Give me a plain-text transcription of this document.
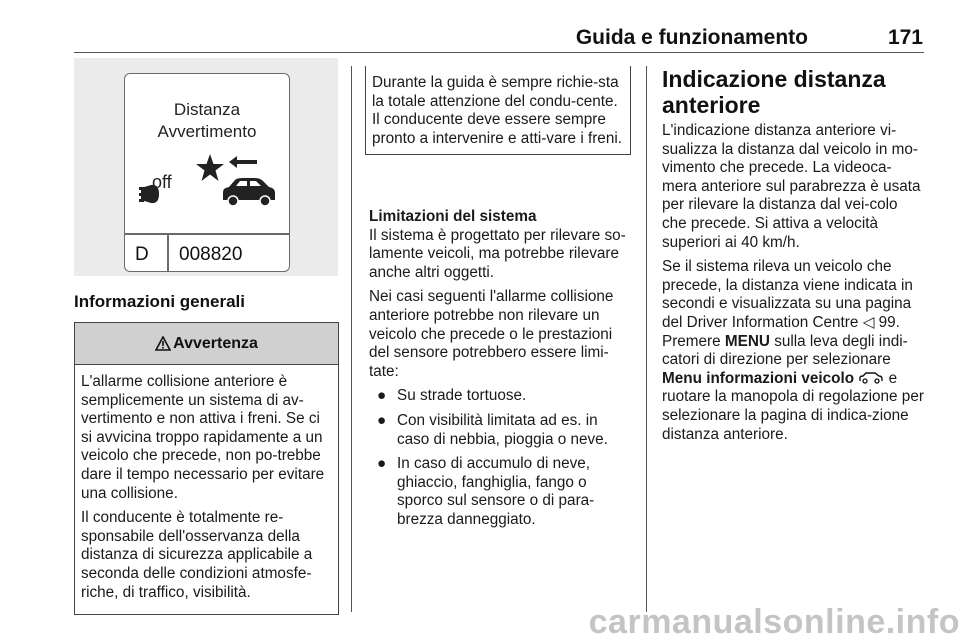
Guida e funzionamento	171
Distanza
Avvertimento
off
D 008820
Informazioni generali
Avvertenza

L'allarme collisione anteriore è semplicemente un sistema di av-vertimento e non attiva i freni. Se ci si avvicina troppo rapidamente a un veicolo che precede, non po-trebbe dare il tempo necessario per evitare una collisione.

Il conducente è totalmente re-sponsabile dell'osservanza della distanza di sicurezza applicabile a seconda delle condizioni atmosfe-riche, di traffico, visibilità.

Durante la guida è sempre richie-sta la totale attenzione del condu-cente. Il conducente deve essere sempre pronto a intervenire e atti-vare i freni.

Limitazioni del sistema

Il sistema è progettato per rilevare so-lamente veicoli, ma potrebbe rilevare anche altri oggetti.

Nei casi seguenti l'allarme collisione anteriore potrebbe non rilevare un veicolo che precede o le prestazioni del sensore potrebbero essere limi-tate:

● Su strade tortuose.
● Con visibilità limitata ad es. in caso di nebbia, pioggia o neve.
● In caso di accumulo di neve, ghiaccio, fanghiglia, fango o sporco sul sensore o di para-brezza danneggiato.
Indicazione distanza anteriore

L'indicazione distanza anteriore vi-sualizza la distanza dal veicolo in mo-vimento che precede. La videoca-mera anteriore sul parabrezza è usata per rilevare la distanza dal vei-colo che precede. Si attiva a velocità superiori ai 40 km/h.

Se il sistema rileva un veicolo che precede, la distanza viene indicata in secondi e visualizzata su una pagina del Driver Information Centre ◁ 99.

Premere MENU sulla leva degli indi-catori di direzione per selezionare Menu informazioni veicolo  e ruotare la manopola di regolazione per selezionare la pagina di indica-zione distanza anteriore.

carmanualsonline.info
